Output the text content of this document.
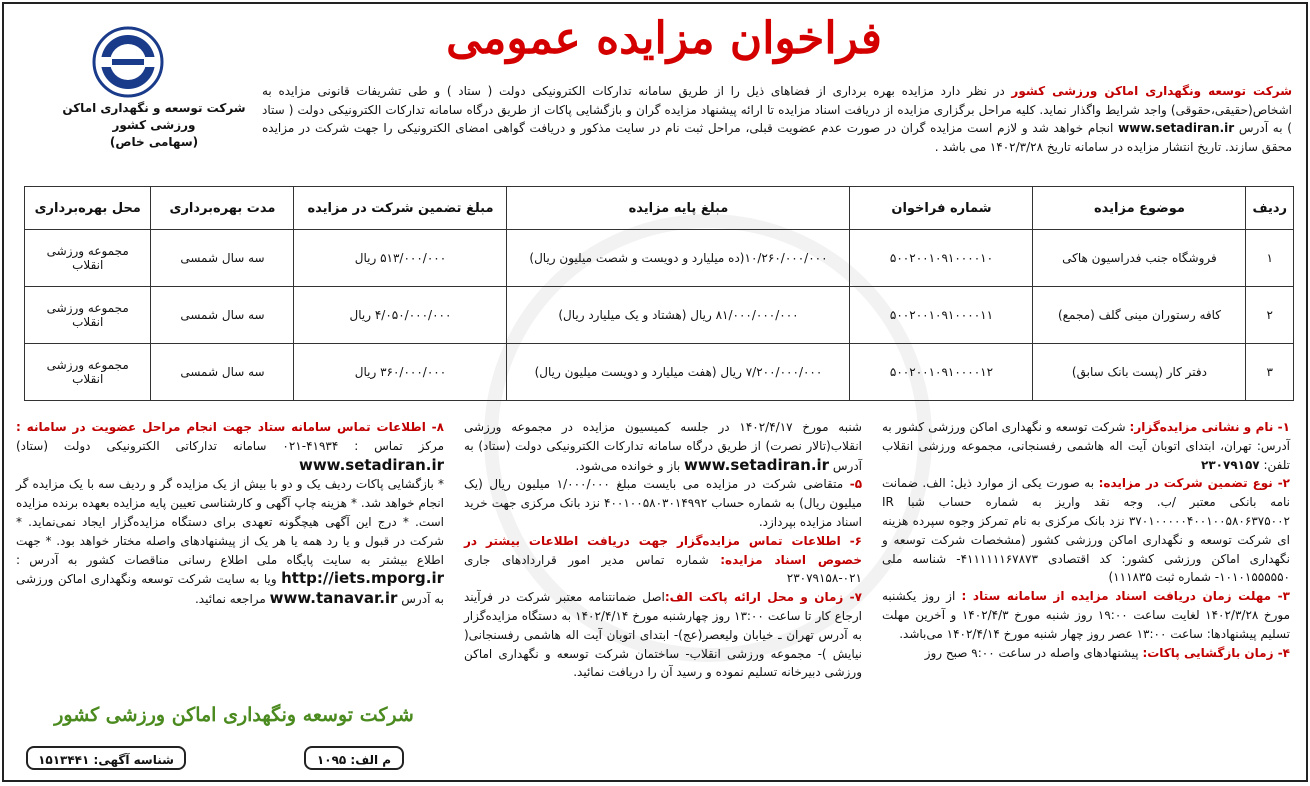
فراخوان مزایده عمومی
شرکت توسعه و نگهداری اماکن ورزشی کشور
(سهامی خاص)
شرکت توسعه ونگهداری اماکن ورزشی کشور در نظر دارد مزایده بهره برداری از فضاهای ذیل را از طریق سامانه تدارکات الکترونیکی دولت ( ستاد ) و طی تشریفات قانونی مزایده به اشخاص(حقیقی،حقوقی) واجد شرایط واگذار نماید. کلیه مراحل برگزاری مزایده از دریافت اسناد مزایده تا ارائه پیشنهاد مزایده گران و بازگشایی پاکات از طریق درگاه سامانه تدارکات الکترونیکی دولت ( ستاد ) به آدرس www.setadiran.ir انجام خواهد شد و لازم است مزایده گران در صورت عدم عضویت قبلی، مراحل ثبت نام در سایت مذکور و دریافت گواهی امضای الکترونیکی را جهت شرکت در مزایده محقق سازند. تاریخ انتشار مزایده در سامانه تاریخ ۱۴۰۲/۳/۲۸ می باشد .
ردیف	موضوع مزایده	شماره فراخوان	مبلغ پایه مزایده	مبلغ تضمین شرکت در مزایده	مدت بهره‌برداری	محل بهره‌برداری
۱	فروشگاه جنب فدراسیون هاکی	۵۰۰۲۰۰۱۰۹۱۰۰۰۰۱۰	۱۰/۲۶۰/۰۰۰/۰۰۰(ده میلیارد و دویست و شصت میلیون ریال)	۵۱۳/۰۰۰/۰۰۰ ریال	سه سال شمسی	مجموعه ورزشی انقلاب
۲	کافه رستوران مینی گلف (مجمع)	۵۰۰۲۰۰۱۰۹۱۰۰۰۰۱۱	۸۱/۰۰۰/۰۰۰/۰۰۰ ریال (هشتاد و یک میلیارد ریال)	۴/۰۵۰/۰۰۰/۰۰۰ ریال	سه سال شمسی	مجموعه ورزشی انقلاب
۳	دفتر کار (پست بانک سابق)	۵۰۰۲۰۰۱۰۹۱۰۰۰۰۱۲	۷/۲۰۰/۰۰۰/۰۰۰ ریال (هفت میلیارد و دویست میلیون ریال)	۳۶۰/۰۰۰/۰۰۰ ریال	سه سال شمسی	مجموعه ورزشی انقلاب
۱- نام و نشانی مزایده‌گزار: شرکت توسعه و نگهداری اماکن ورزشی کشور به آدرس: تهران، ابتدای اتوبان آیت اله هاشمی رفسنجانی، مجموعه ورزشی انقلاب تلفن: ۲۳۰۷۹۱۵۷
۲- نوع تضمین شرکت در مزایده: به صورت یکی از موارد ذیل: الف. ضمانت نامه بانکی معتبر /ب. وجه نقد واریز به شماره حساب شبا IR ۳۷۰۱۰۰۰۰۰۴۰۰۱۰۰۵۸۰۶۳۷۵۰۰۲ نزد بانک مرکزی به نام تمرکز وجوه سپرده هزینه ای شرکت توسعه و نگهداری اماکن ورزشی کشور (مشخصات شرکت توسعه و نگهداری اماکن ورزشی کشور: کد اقتصادی ۴۱۱۱۱۱۱۶۷۸۷۳- شناسه ملی ۱۰۱۰۱۵۵۵۵۵۰- شماره ثبت ۱۱۱۸۳۵)
۳- مهلت زمان دریافت اسناد مزایده از سامانه ستاد : از روز یکشنبه مورخ ۱۴۰۲/۳/۲۸ لغایت ساعت ۱۹:۰۰ روز شنبه مورخ ۱۴۰۲/۴/۳ و آخرین مهلت تسلیم پیشنهادها: ساعت ۱۳:۰۰ عصر روز چهار شنبه مورخ ۱۴۰۲/۴/۱۴ می‌باشد.
۴- زمان بازگشایی پاکات: پیشنهادهای واصله در ساعت ۹:۰۰ صبح روز
شنبه مورخ ۱۴۰۲/۴/۱۷ در جلسه کمیسیون مزایده در مجموعه ورزشی انقلاب(تالار نصرت) از طریق درگاه سامانه تدارکات الکترونیکی دولت (ستاد) به آدرس www.setadiran.ir باز و خوانده می‌شود.
۵- متقاضی شرکت در مزایده می بایست مبلغ ۱/۰۰۰/۰۰۰ میلیون ریال (یک میلیون ریال) به شماره حساب ۴۰۰۱۰۰۵۸۰۳۰۱۴۹۹۲ نزد بانک مرکزی جهت خرید اسناد مزایده بپردازد.
۶- اطلاعات تماس مزایده‌گزار جهت دریافت اطلاعات بیشتر در خصوص اسناد مزایده: شماره تماس مدیر امور قراردادهای جاری ۰۲۱-۲۳۰۷۹۱۵۸
۷- زمان و محل ارائه پاکت الف:اصل ضمانتنامه معتبر شرکت در فرآیند ارجاع کار تا ساعت ۱۳:۰۰ روز چهارشنبه مورخ ۱۴۰۲/۴/۱۴ به دستگاه مزایده‌گزار به آدرس تهران ـ خیابان ولیعصر(عج)- ابتدای اتوبان آیت اله هاشمی رفسنجانی( نیایش )- مجموعه ورزشی انقلاب- ساختمان شرکت توسعه و نگهداری اماکن ورزشی دبیرخانه تسلیم نموده و رسید آن را دریافت نمائید.
۸- اطلاعات تماس سامانه ستاد جهت انجام مراحل عضویت در سامانه : مرکز تماس : ۴۱۹۳۴-۰۲۱ سامانه تدارکاتی الکترونیکی دولت (ستاد) www.setadiran.ir
* بازگشایی پاکات ردیف یک و دو با بیش از یک مزایده گر و ردیف سه با یک مزایده گر انجام خواهد شد. * هزینه چاپ آگهی و کارشناسی تعیین پایه مزایده بعهده برنده مزایده است. * درج این آگهی هیچگونه تعهدی برای دستگاه مزایده‌گزار ایجاد نمی‌نماید. * شرکت در قبول و یا رد همه یا هر یک از پیشنهادهای واصله مختار خواهد بود. * جهت اطلاع بیشتر به سایت پایگاه ملی اطلاع رسانی مناقصات کشور به آدرس : http://iets.mporg.ir ویا به سایت شرکت توسعه ونگهداری اماکن ورزشی به آدرس www.tanavar.ir مراجعه نمائید.
شرکت توسعه ونگهداری اماکن ورزشی کشور
شناسه آگهی: ۱۵۱۳۴۴۱	م الف: ۱۰۹۵
